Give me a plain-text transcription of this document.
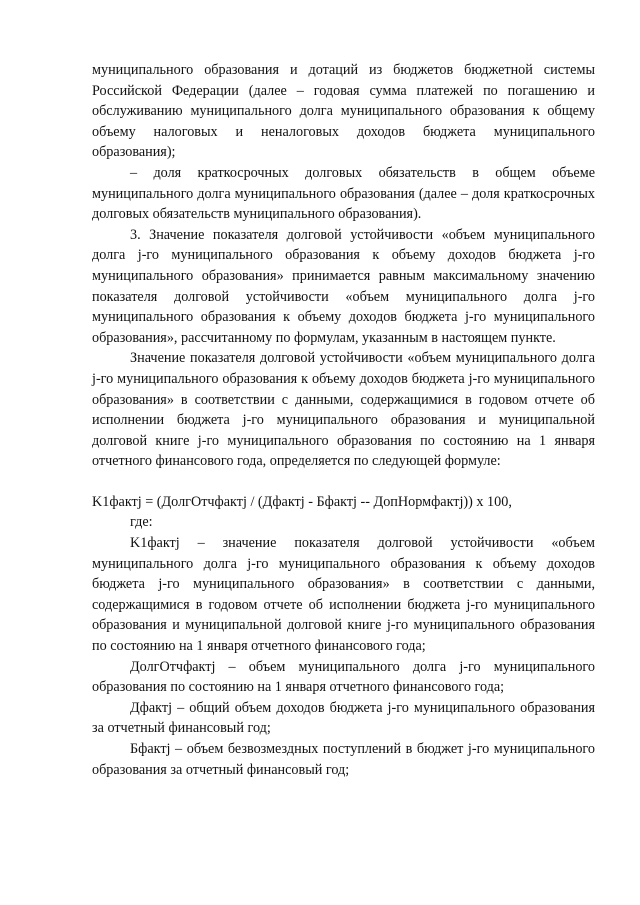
муниципального образования и дотаций из бюджетов бюджетной системы Российской Федерации (далее – годовая сумма платежей по погашению и обслуживанию муниципального долга муниципального образования к общему объему налоговых и неналоговых доходов бюджета муниципального образования);

– доля краткосрочных долговых обязательств в общем объеме муниципального долга муниципального образования (далее – доля краткосрочных долговых обязательств муниципального образования).

3. Значение показателя долговой устойчивости «объем муниципального долга j-го муниципального образования к объему доходов бюджета j-го муниципального образования» принимается равным максимальному значению показателя долговой устойчивости «объем муниципального долга j-го муниципального образования к объему доходов бюджета j-го муниципального образования», рассчитанному по формулам, указанным в настоящем пункте.

Значение показателя долговой устойчивости «объем муниципального долга j-го муниципального образования к объему доходов бюджета j-го муниципального образования» в соответствии с данными, содержащимися в годовом отчете об исполнении бюджета j-го муниципального образования и муниципальной долговой книге j-го муниципального образования по состоянию на 1 января отчетного финансового года, определяется по следующей формуле:

K1фактj = (ДолгОтчфактj / (Дфактj - Бфактj -- ДопНормфактj)) x 100,

где:

K1фактj – значение показателя долговой устойчивости «объем муниципального долга j-го муниципального образования к объему доходов бюджета j-го муниципального образования» в соответствии с данными, содержащимися в годовом отчете об исполнении бюджета j-го муниципального образования и муниципальной долговой книге j-го муниципального образования по состоянию на 1 января отчетного финансового года;

ДолгОтчфактj – объем муниципального долга j-го муниципального образования по состоянию на 1 января отчетного финансового года;

Дфактj – общий объем доходов бюджета j-го муниципального образования за отчетный финансовый год;

Бфактj – объем безвозмездных поступлений в бюджет j-го муниципального образования за отчетный финансовый год;
